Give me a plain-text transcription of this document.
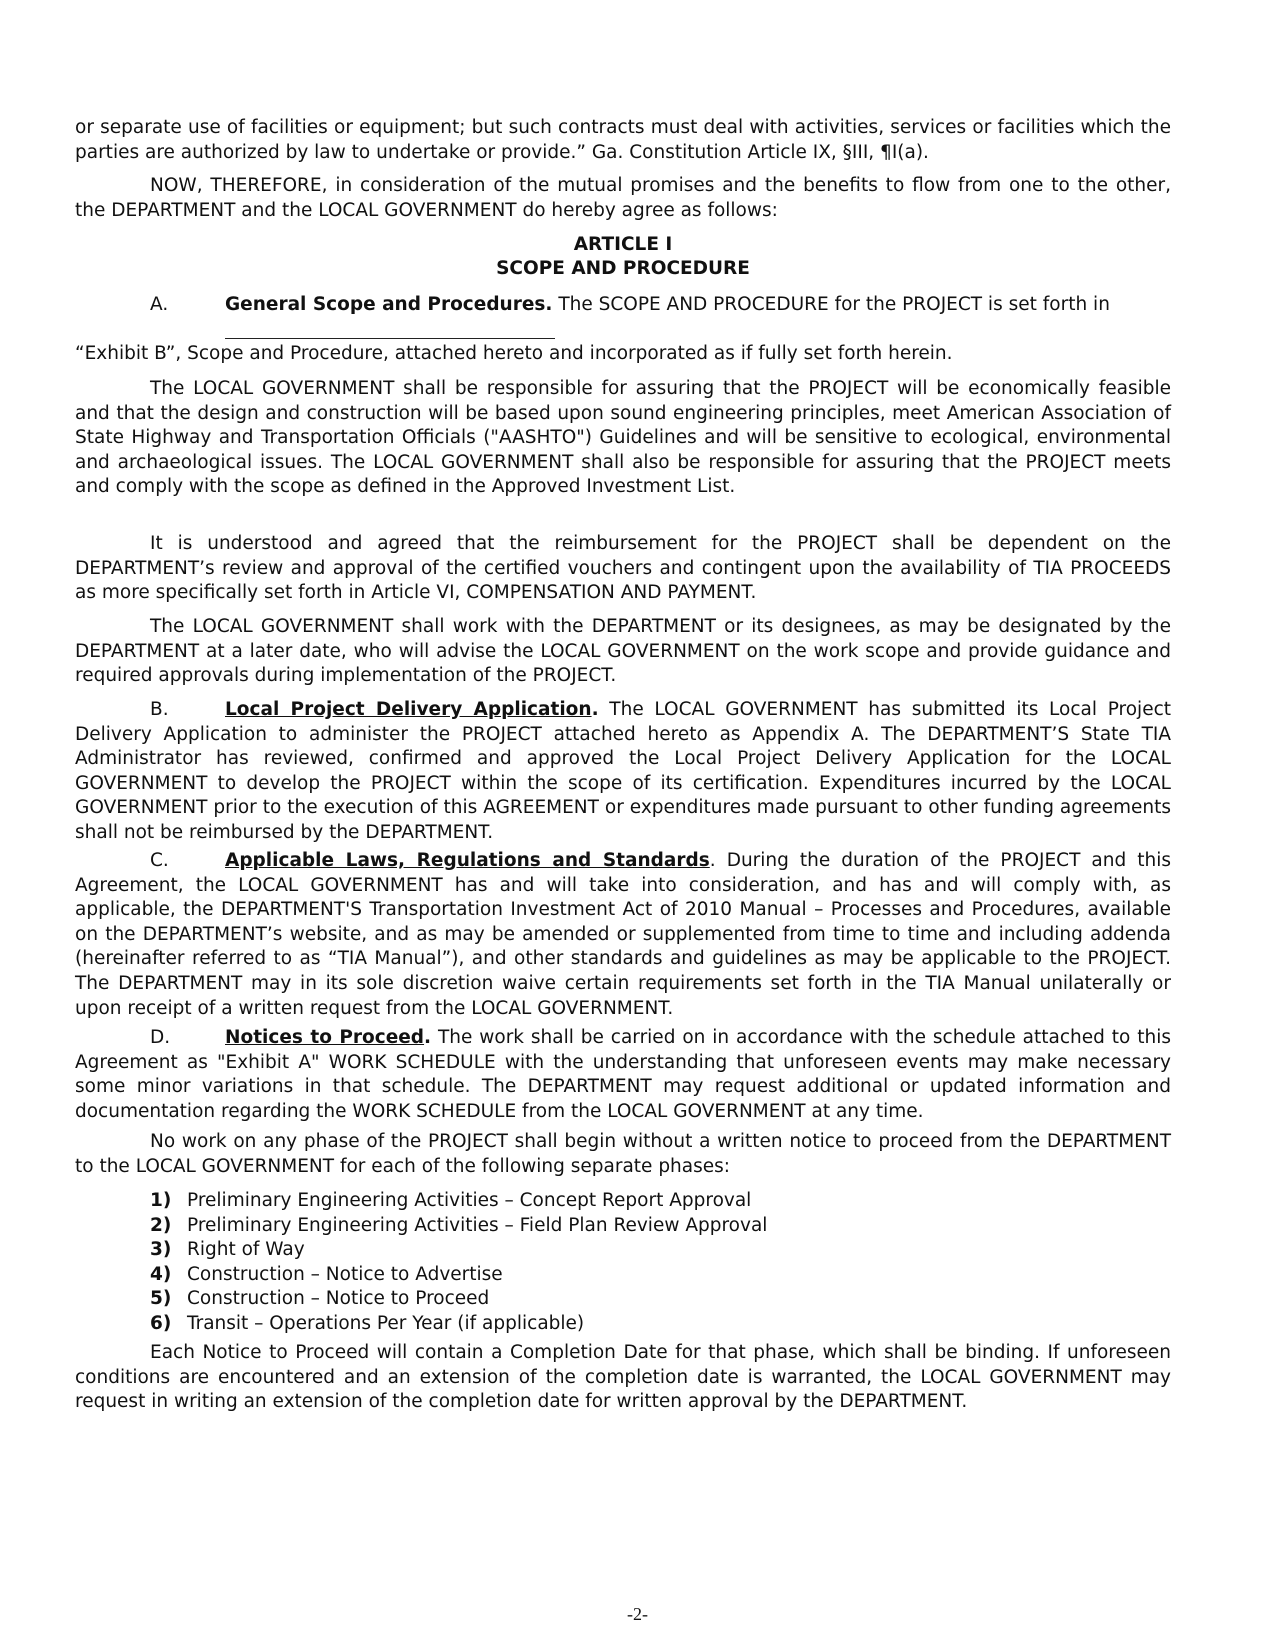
or separate use of facilities or equipment; but such contracts must deal with activities, services or facilities which the parties are authorized by law to undertake or provide.” Ga. Constitution Article IX, §III, ¶I(a).

NOW, THEREFORE, in consideration of the mutual promises and the benefits to flow from one to the other, the DEPARTMENT and the LOCAL GOVERNMENT do hereby agree as follows:

ARTICLE I

SCOPE AND PROCEDURE

A.	General Scope and Procedures. The SCOPE AND PROCEDURE for the PROJECT is set forth in

“Exhibit B”, Scope and Procedure, attached hereto and incorporated as if fully set forth herein.

The LOCAL GOVERNMENT shall be responsible for assuring that the PROJECT will be economically feasible and that the design and construction will be based upon sound engineering principles, meet American Association of State Highway and Transportation Officials ("AASHTO") Guidelines and will be sensitive to ecological, environmental and archaeological issues. The LOCAL GOVERNMENT shall also be responsible for assuring that the PROJECT meets and comply with the scope as defined in the Approved Investment List.

It is understood and agreed that the reimbursement for the PROJECT shall be dependent on the DEPARTMENT’s review and approval of the certified vouchers and contingent upon the availability of TIA PROCEEDS as more specifically set forth in Article VI, COMPENSATION AND PAYMENT.

The LOCAL GOVERNMENT shall work with the DEPARTMENT or its designees, as may be designated by the DEPARTMENT at a later date, who will advise the LOCAL GOVERNMENT on the work scope and provide guidance and required approvals during implementation of the PROJECT.

B.	Local Project Delivery Application. The LOCAL GOVERNMENT has submitted its Local Project Delivery Application to administer the PROJECT attached hereto as Appendix A. The DEPARTMENT’S State TIA Administrator has reviewed, confirmed and approved the Local Project Delivery Application for the LOCAL GOVERNMENT to develop the PROJECT within the scope of its certification. Expenditures incurred by the LOCAL GOVERNMENT prior to the execution of this AGREEMENT or expenditures made pursuant to other funding agreements shall not be reimbursed by the DEPARTMENT.

C.	Applicable Laws, Regulations and Standards. During the duration of the PROJECT and this Agreement, the LOCAL GOVERNMENT has and will take into consideration, and has and will comply with, as applicable, the DEPARTMENT'S Transportation Investment Act of 2010 Manual – Processes and Procedures, available on the DEPARTMENT’s website, and as may be amended or supplemented from time to time and including addenda (hereinafter referred to as “TIA Manual”), and other standards and guidelines as may be applicable to the PROJECT. The DEPARTMENT may in its sole discretion waive certain requirements set forth in the TIA Manual unilaterally or upon receipt of a written request from the LOCAL GOVERNMENT.

D.	Notices to Proceed. The work shall be carried on in accordance with the schedule attached to this Agreement as "Exhibit A" WORK SCHEDULE with the understanding that unforeseen events may make necessary some minor variations in that schedule. The DEPARTMENT may request additional or updated information and documentation regarding the WORK SCHEDULE from the LOCAL GOVERNMENT at any time.

No work on any phase of the PROJECT shall begin without a written notice to proceed from the DEPARTMENT to the LOCAL GOVERNMENT for each of the following separate phases:

1) Preliminary Engineering Activities – Concept Report Approval
2) Preliminary Engineering Activities – Field Plan Review Approval
3) Right of Way
4) Construction – Notice to Advertise
5) Construction – Notice to Proceed
6) Transit – Operations Per Year (if applicable)

Each Notice to Proceed will contain a Completion Date for that phase, which shall be binding. If unforeseen conditions are encountered and an extension of the completion date is warranted, the LOCAL GOVERNMENT may request in writing an extension of the completion date for written approval by the DEPARTMENT.

-2-
